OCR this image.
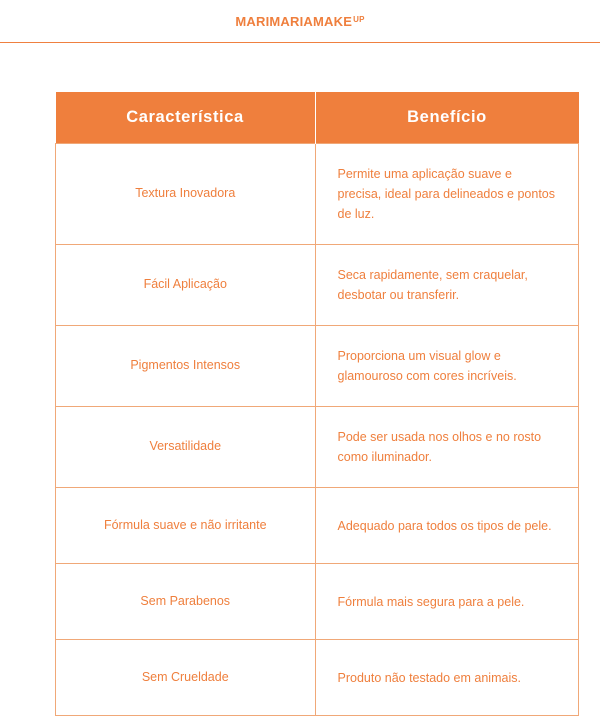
MARIMARIAMAKE UP
Característica	Benefício
Textura Inovadora	Permite uma aplicação suave e precisa, ideal para delineados e pontos de luz.
Fácil Aplicação	Seca rapidamente, sem craquelar, desbotar ou transferir.
Pigmentos Intensos	Proporciona um visual glow e glamouroso com cores incríveis.
Versatilidade	Pode ser usada nos olhos e no rosto como iluminador.
Fórmula suave e não irritante	Adequado para todos os tipos de pele.
Sem Parabenos	Fórmula mais segura para a pele.
Sem Crueldade	Produto não testado em animais.
